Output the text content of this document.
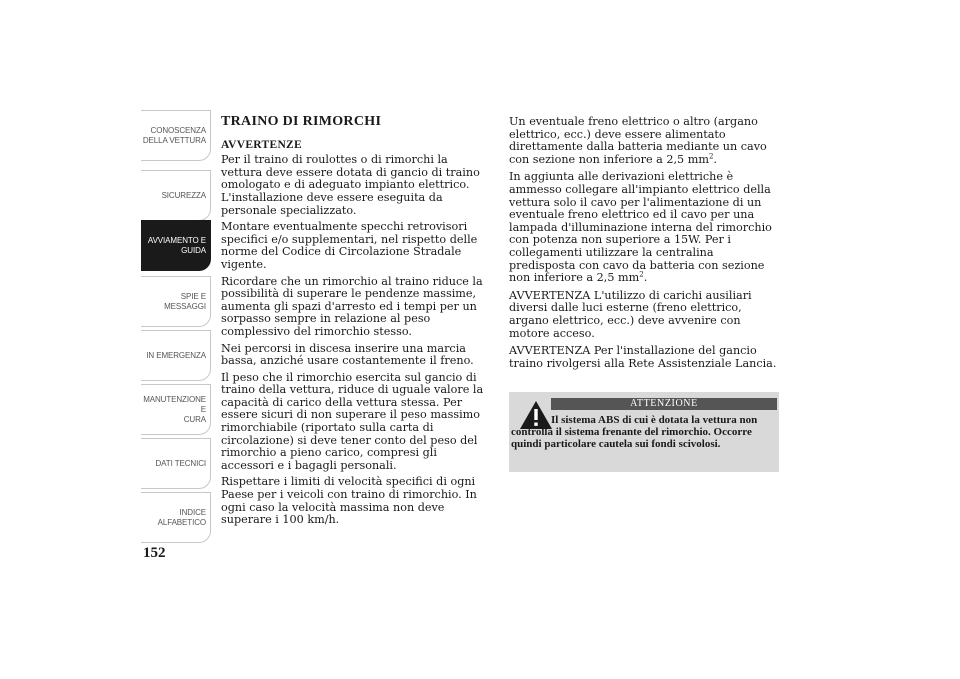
CONOSCENZA
DELLA VETTURA
SICUREZZA
AVVIAMENTO E
GUIDA
SPIE E MESSAGGI
IN EMERGENZA
MANUTENZIONE E
CURA
DATI TECNICI
INDICE
ALFABETICO
152
TRAINO DI RIMORCHI
AVVERTENZE

Per il traino di roulottes o di rimorchi la vettura deve essere dotata di gancio di traino omologato e di adeguato impianto elettrico. L'installazione deve essere eseguita da personale specializzato.

Montare eventualmente specchi retrovisori specifici e/o supplementari, nel rispetto delle norme del Codice di Circolazione Stradale vigente.

Ricordare che un rimorchio al traino riduce la possibilità di superare le pendenze massime, aumenta gli spazi d'arresto ed i tempi per un sorpasso sempre in relazione al peso complessivo del rimorchio stesso.

Nei percorsi in discesa inserire una marcia bassa, anziché usare costantemente il freno.

Il peso che il rimorchio esercita sul gancio di traino della vettura, riduce di uguale valore la capacità di carico della vettura stessa. Per essere sicuri di non superare il peso massimo rimorchiabile (riportato sulla carta di circolazione) si deve tener conto del peso del rimorchio a pieno carico, compresi gli accessori e i bagagli personali.

Rispettare i limiti di velocità specifici di ogni Paese per i veicoli con traino di rimorchio. In ogni caso la velocità massima non deve superare i 100 km/h.

Un eventuale freno elettrico o altro (argano elettrico, ecc.) deve essere alimentato direttamente dalla batteria mediante un cavo con sezione non inferiore a 2,5 $mm^2$.

In aggiunta alle derivazioni elettriche è ammesso collegare all'impianto elettrico della vettura solo il cavo per l'alimentazione di un eventuale freno elettrico ed il cavo per una lampada d'illuminazione interna del rimorchio con potenza non superiore a 15W. Per i collegamenti utilizzare la centralina predisposta con cavo da batteria con sezione non inferiore a 2,5 $mm^2$.

AVVERTENZA L'utilizzo di carichi ausiliari diversi dalle luci esterne (freno elettrico, argano elettrico, ecc.) deve avvenire con motore acceso.

AVVERTENZA Per l'installazione del gancio traino rivolgersi alla Rete Assistenziale Lancia.

ATTENZIONE
Il sistema ABS di cui è dotata la vettura non controlla il sistema frenante del rimorchio. Occorre quindi particolare cautela sui fondi scivolosi.
